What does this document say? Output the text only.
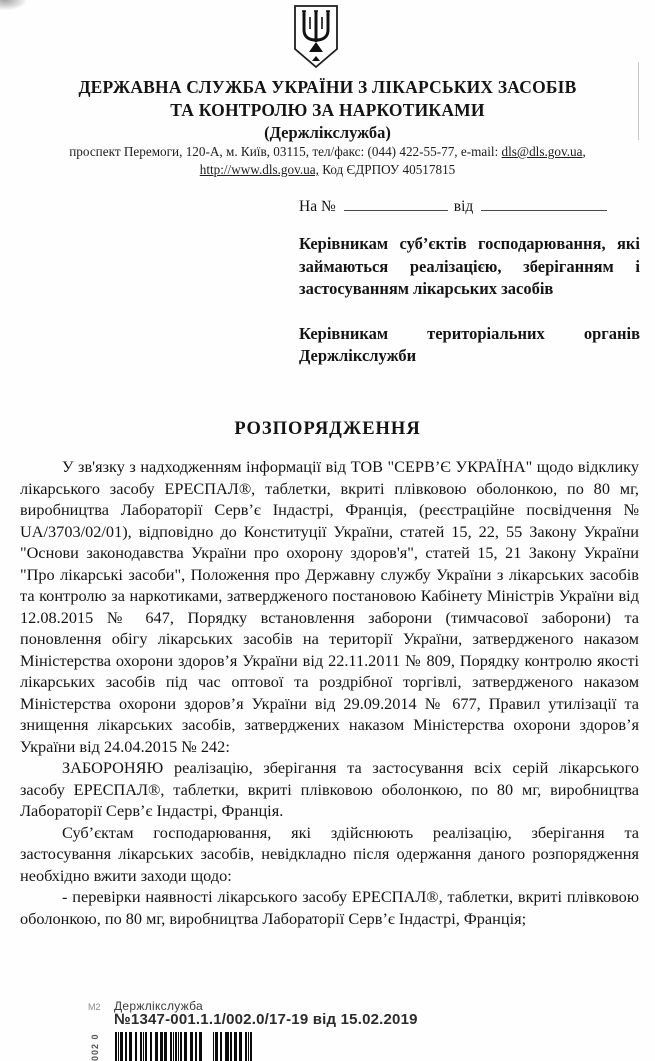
ДЕРЖАВНА СЛУЖБА УКРАЇНИ З ЛІКАРСЬКИХ ЗАСОБІВ
ТА КОНТРОЛЮ ЗА НАРКОТИКАМИ
(Держлікслужба)
проспект Перемоги, 120-А, м. Київ, 03115, тел/факс: (044) 422-55-77, e-mail: dls@dls.gov.ua,
http://www.dls.gov.ua, Код ЄДРПОУ 40517815
На №	від
Керівникам суб’єктів господарювання, які займаються реалізацією, зберіганням і застосуванням лікарських засобів
Керівникам територіальних органів Держлікслужби
РОЗПОРЯДЖЕННЯ

У зв'язку з надходженням інформації від ТОВ "СЕРВ’Є УКРАЇНА" щодо відклику лікарського засобу ЕРЕСПАЛ®, таблетки, вкриті плівковою оболонкою, по 80 мг, виробництва Лабораторії Серв’є Індастрі, Франція, (реєстраційне посвідчення № UA/3703/02/01), відповідно до Конституції України, статей 15, 22, 55 Закону України "Основи законодавства України про охорону здоров'я", статей 15, 21 Закону України "Про лікарські засоби", Положення про Державну службу України з лікарських засобів та контролю за наркотиками, затвердженого постановою Кабінету Міністрів України від 12.08.2015 № 647, Порядку встановлення заборони (тимчасової заборони) та поновлення обігу лікарських засобів на території України, затвердженого наказом Міністерства охорони здоров’я України від 22.11.2011 № 809, Порядку контролю якості лікарських засобів під час оптової та роздрібної торгівлі, затвердженого наказом Міністерства охорони здоров’я України від 29.09.2014 № 677, Правил утилізації та знищення лікарських засобів, затверджених наказом Міністерства охорони здоров’я України від 24.04.2015 № 242:

ЗАБОРОНЯЮ реалізацію, зберігання та застосування всіх серій лікарського засобу ЕРЕСПАЛ®, таблетки, вкриті плівковою оболонкою, по 80 мг, виробництва Лабораторії Серв’є Індастрі, Франція.

Суб’єктам господарювання, які здійснюють реалізацію, зберігання та застосування лікарських засобів, невідкладно після одержання даного розпорядження необхідно вжити заходи щодо:

- перевірки наявності лікарського засобу ЕРЕСПАЛ®, таблетки, вкриті плівковою оболонкою, по 80 мг, виробництва Лабораторії Серв’є Індастрі, Франція;

М2 Держлікслужба
№1347-001.1.1/002.0/17-19 від 15.02.2019
002 0
